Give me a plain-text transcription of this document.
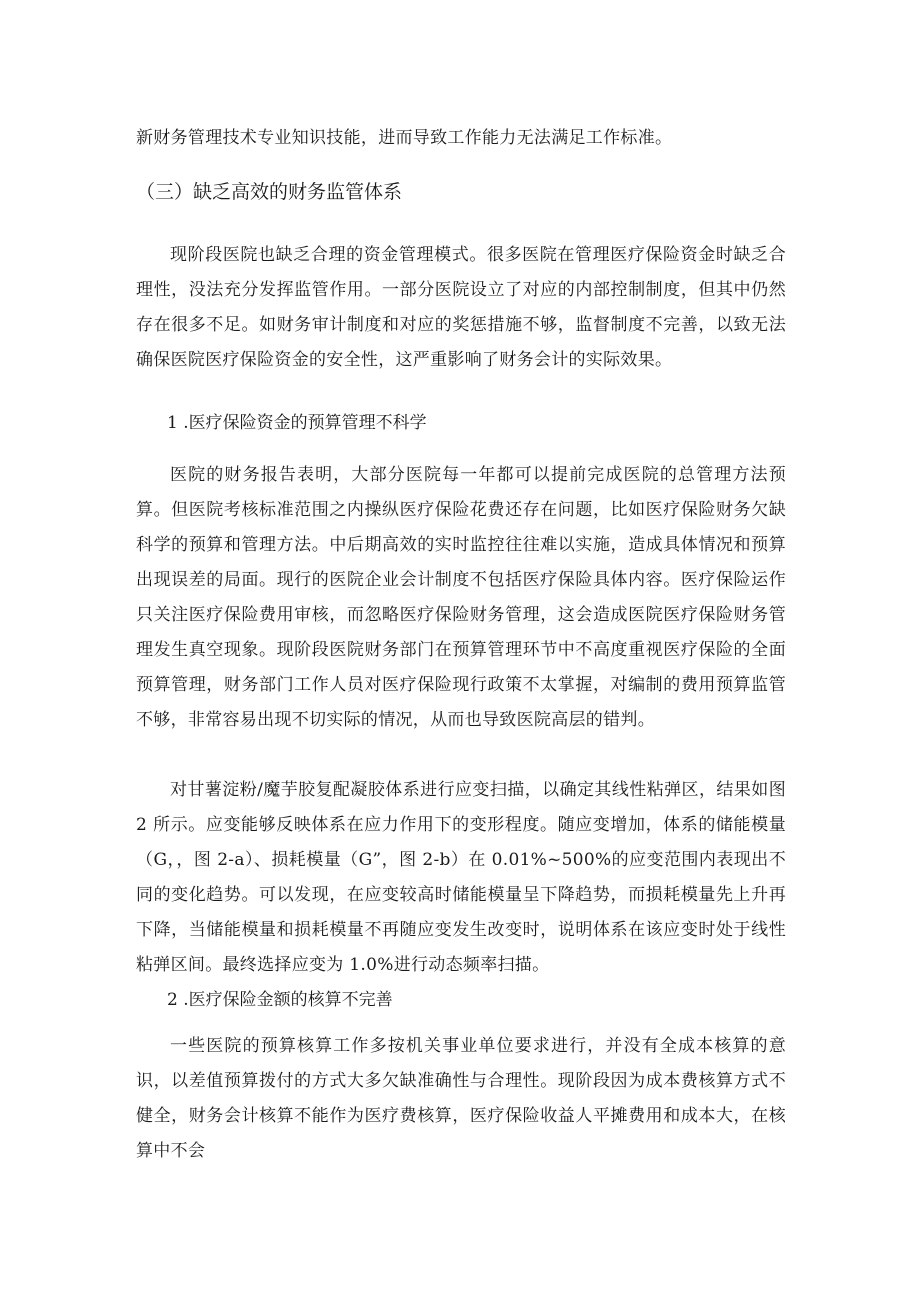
新财务管理技术专业知识技能，进而导致工作能力无法满足工作标准。

（三）缺乏高效的财务监管体系

现阶段医院也缺乏合理的资金管理模式。很多医院在管理医疗保险资金时缺乏合理性，没法充分发挥监管作用。一部分医院设立了对应的内部控制制度，但其中仍然存在很多不足。如财务审计制度和对应的奖惩措施不够，监督制度不完善，以致无法确保医院医疗保险资金的安全性，这严重影响了财务会计的实际效果。

1 .医疗保险资金的预算管理不科学

医院的财务报告表明，大部分医院每一年都可以提前完成医院的总管理方法预算。但医院考核标准范围之内操纵医疗保险花费还存在问题，比如医疗保险财务欠缺科学的预算和管理方法。中后期高效的实时监控往往难以实施，造成具体情况和预算出现误差的局面。现行的医院企业会计制度不包括医疗保险具体内容。医疗保险运作只关注医疗保险费用审核，而忽略医疗保险财务管理，这会造成医院医疗保险财务管理发生真空现象。现阶段医院财务部门在预算管理环节中不高度重视医疗保险的全面预算管理，财务部门工作人员对医疗保险现行政策不太掌握，对编制的费用预算监管不够，非常容易出现不切实际的情况，从而也导致医院高层的错判。

对甘薯淀粉/魔芋胶复配凝胶体系进行应变扫描，以确定其线性粘弹区，结果如图 2 所示。应变能够反映体系在应力作用下的变形程度。随应变增加，体系的储能模量（G，，图 2-a）、损耗模量（G”，图 2-b）在 0.01%~500%的应变范围内表现出不同的变化趋势。可以发现，在应变较高时储能模量呈下降趋势，而损耗模量先上升再下降，当储能模量和损耗模量不再随应变发生改变时，说明体系在该应变时处于线性粘弹区间。最终选择应变为 1.0%进行动态频率扫描。

2 .医疗保险金额的核算不完善

一些医院的预算核算工作多按机关事业单位要求进行，并没有全成本核算的意识，以差值预算拨付的方式大多欠缺准确性与合理性。现阶段因为成本费核算方式不健全，财务会计核算不能作为医疗费核算，医疗保险收益人平摊费用和成本大，在核算中不会
